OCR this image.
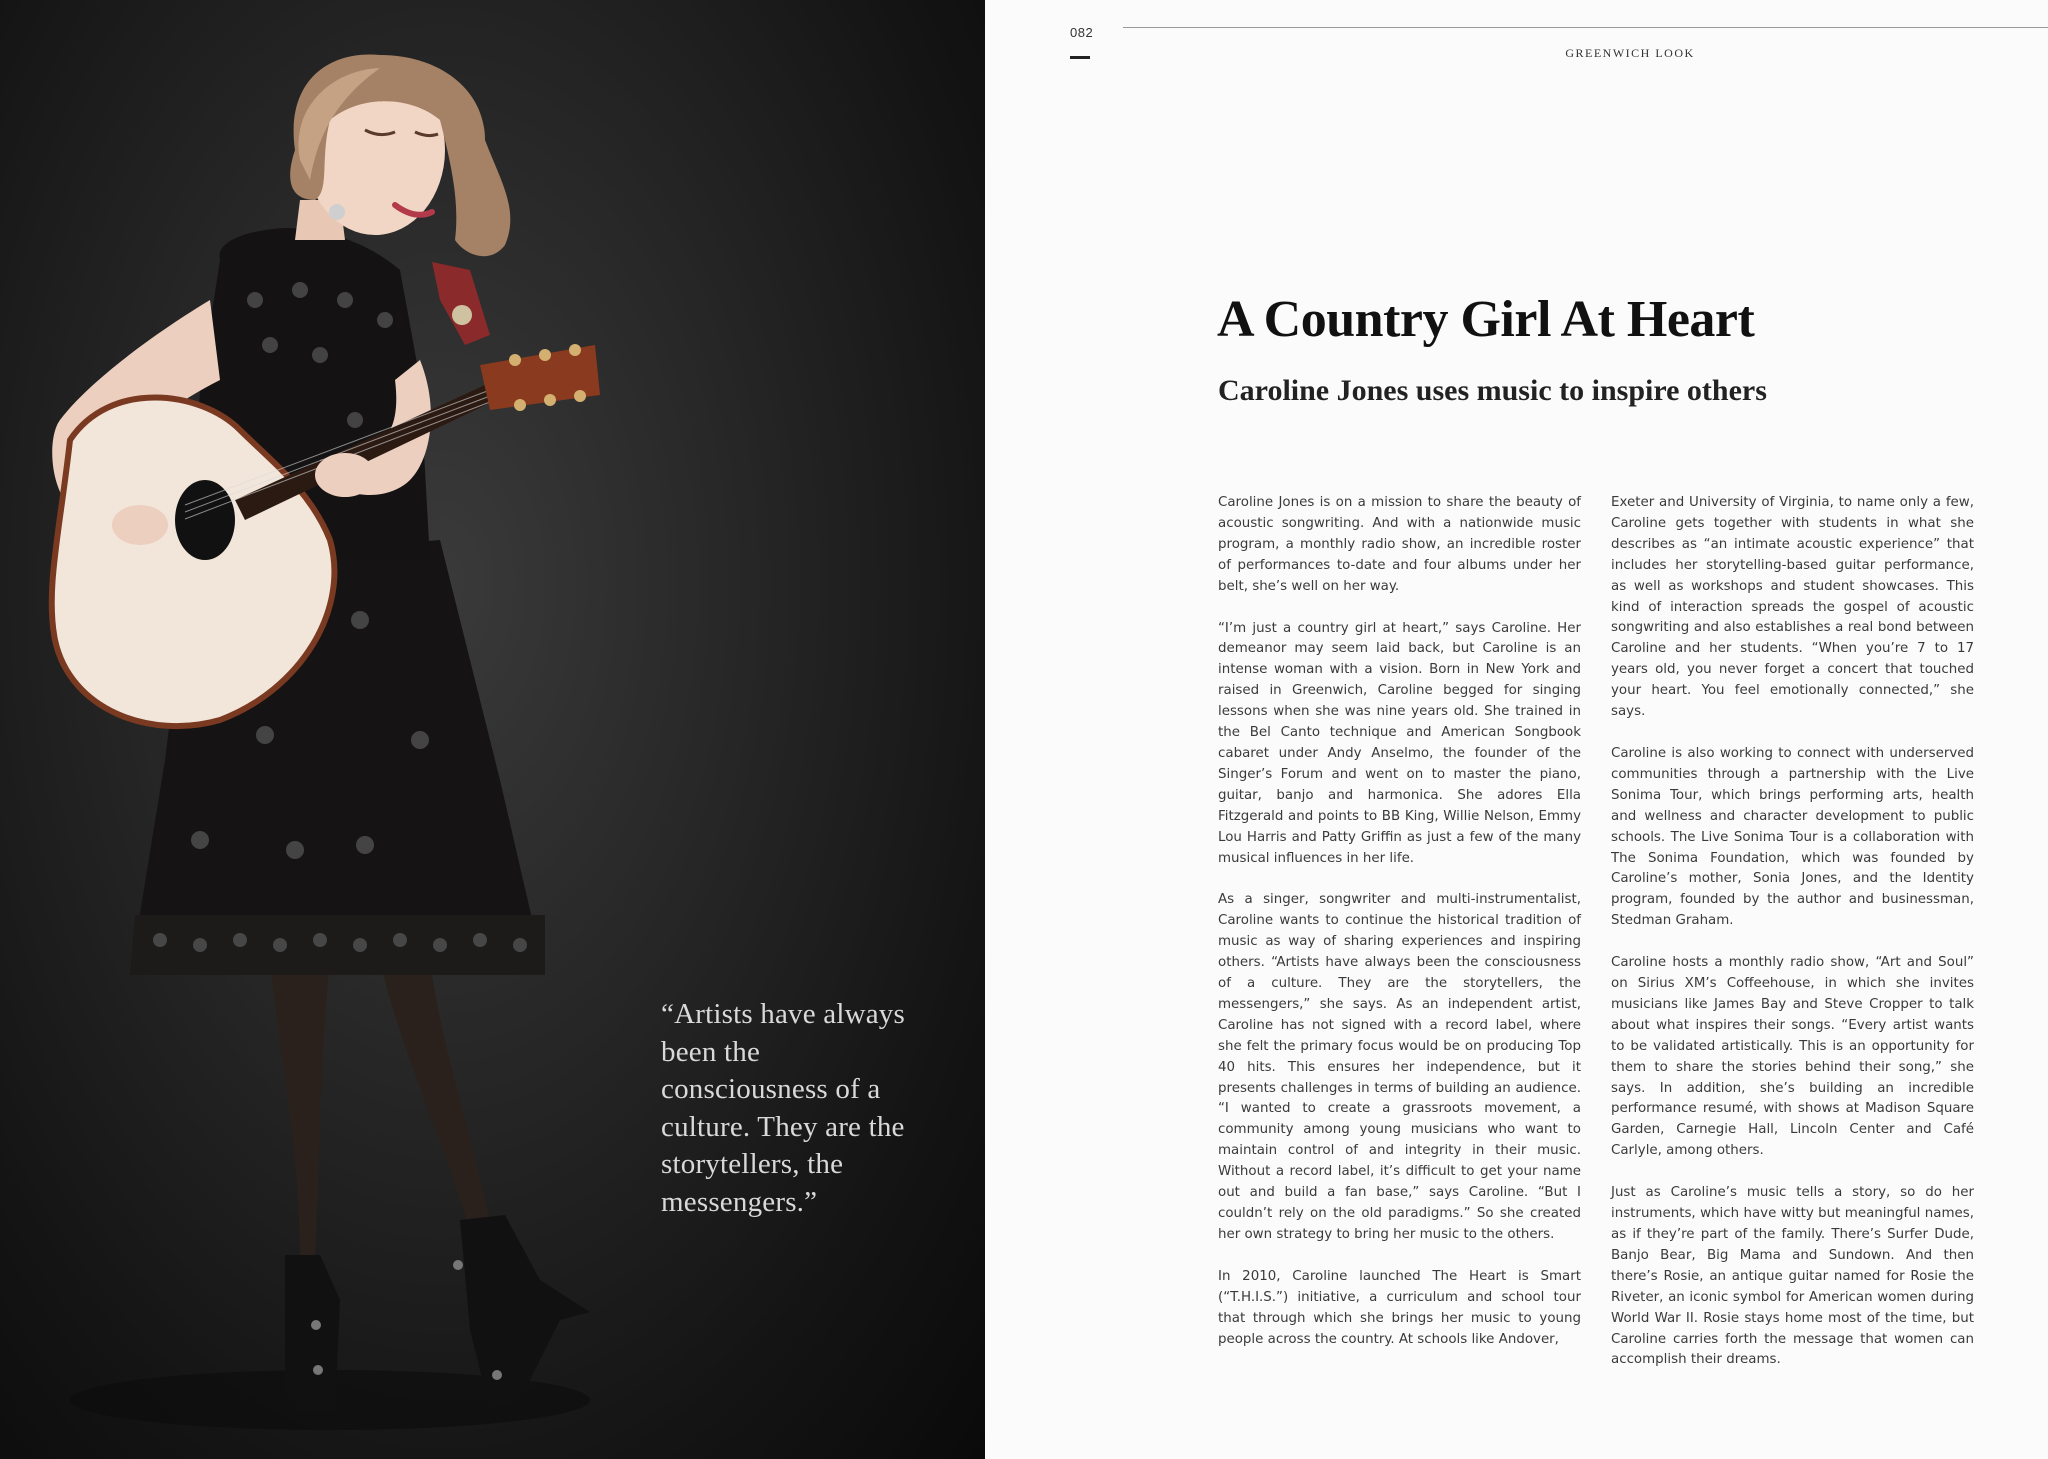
“Artists have always been the consciousness of a culture. They are the storytellers, the messengers.”
082
GREENWICH LOOK
A Country Girl At Heart
Caroline Jones uses music to inspire others

Caroline Jones is on a mission to share the beauty of acoustic songwriting. And with a nationwide music program, a monthly radio show, an incredible roster of performances to-date and four albums under her belt, she’s well on her way.

“I’m just a country girl at heart,” says Caroline. Her demeanor may seem laid back, but Caroline is an intense woman with a vision. Born in New York and raised in Greenwich, Caroline begged for singing lessons when she was nine years old. She trained in the Bel Canto technique and American Songbook cabaret under Andy Anselmo, the founder of the Singer’s Forum and went on to master the piano, guitar, banjo and harmonica. She adores Ella Fitzgerald and points to BB King, Willie Nelson, Emmy Lou Harris and Patty Griffin as just a few of the many musical influences in her life.

As a singer, songwriter and multi-instrumentalist, Caroline wants to continue the historical tradition of music as way of sharing experiences and inspiring others. “Artists have always been the consciousness of a culture. They are the storytellers, the messengers,” she says. As an independent artist, Caroline has not signed with a record label, where she felt the primary focus would be on producing Top 40 hits. This ensures her independence, but it presents challenges in terms of building an audience. “I wanted to create a grassroots movement, a community among young musicians who want to maintain control of and integrity in their music. Without a record label, it’s difficult to get your name out and build a fan base,” says Caroline. “But I couldn’t rely on the old paradigms.” So she created her own strategy to bring her music to the others.

In 2010, Caroline launched The Heart is Smart (“T.H.I.S.”) initiative, a curriculum and school tour that through which she brings her music to young people across the country. At schools like Andover,

Exeter and University of Virginia, to name only a few, Caroline gets together with students in what she describes as “an intimate acoustic experience” that includes her storytelling-based guitar performance, as well as workshops and student showcases. This kind of interaction spreads the gospel of acoustic songwriting and also establishes a real bond between Caroline and her students. “When you’re 7 to 17 years old, you never forget a concert that touched your heart. You feel emotionally connected,” she says.

Caroline is also working to connect with underserved communities through a partnership with the Live Sonima Tour, which brings performing arts, health and wellness and character development to public schools. The Live Sonima Tour is a collaboration with The Sonima Foundation, which was founded by Caroline’s mother, Sonia Jones, and the Identity program, founded by the author and businessman, Stedman Graham.

Caroline hosts a monthly radio show, “Art and Soul” on Sirius XM’s Coffeehouse, in which she invites musicians like James Bay and Steve Cropper to talk about what inspires their songs. “Every artist wants to be validated artistically. This is an opportunity for them to share the stories behind their song,” she says. In addition, she’s building an incredible performance resumé, with shows at Madison Square Garden, Carnegie Hall, Lincoln Center and Café Carlyle, among others.

Just as Caroline’s music tells a story, so do her instruments, which have witty but meaningful names, as if they’re part of the family. There’s Surfer Dude, Banjo Bear, Big Mama and Sundown. And then there’s Rosie, an antique guitar named for Rosie the Riveter, an iconic symbol for American women during World War II. Rosie stays home most of the time, but Caroline carries forth the message that women can accomplish their dreams.
